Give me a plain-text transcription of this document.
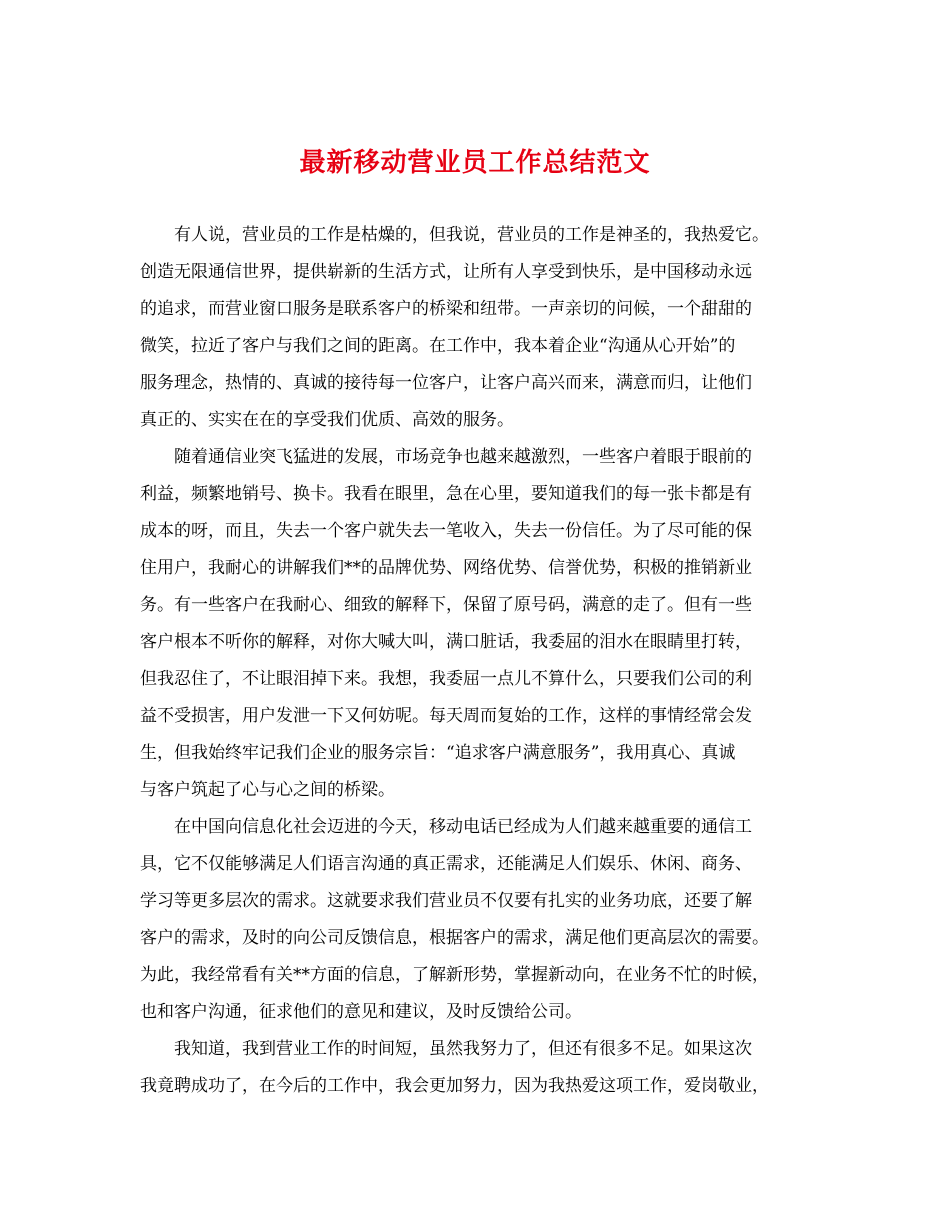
最新移动营业员工作总结范文
有人说，营业员的工作是枯燥的，但我说，营业员的工作是神圣的，我热爱它。
创造无限通信世界，提供崭新的生活方式，让所有人享受到快乐，是中国移动永远
的追求，而营业窗口服务是联系客户的桥梁和纽带。一声亲切的问候，一个甜甜的
微笑，拉近了客户与我们之间的距离。在工作中，我本着企业“沟通从心开始”的
服务理念，热情的、真诚的接待每一位客户，让客户高兴而来，满意而归，让他们
真正的、实实在在的享受我们优质、高效的服务。
随着通信业突飞猛进的发展，市场竞争也越来越激烈，一些客户着眼于眼前的
利益，频繁地销号、换卡。我看在眼里，急在心里，要知道我们的每一张卡都是有
成本的呀，而且，失去一个客户就失去一笔收入，失去一份信任。为了尽可能的保
住用户，我耐心的讲解我们**的品牌优势、网络优势、信誉优势，积极的推销新业
务。有一些客户在我耐心、细致的解释下，保留了原号码，满意的走了。但有一些
客户根本不听你的解释，对你大喊大叫，满口脏话，我委屈的泪水在眼睛里打转，
但我忍住了，不让眼泪掉下来。我想，我委屈一点儿不算什么，只要我们公司的利
益不受损害，用户发泄一下又何妨呢。每天周而复始的工作，这样的事情经常会发
生，但我始终牢记我们企业的服务宗旨：“追求客户满意服务”，我用真心、真诚
与客户筑起了心与心之间的桥梁。
在中国向信息化社会迈进的今天，移动电话已经成为人们越来越重要的通信工
具，它不仅能够满足人们语言沟通的真正需求，还能满足人们娱乐、休闲、商务、
学习等更多层次的需求。这就要求我们营业员不仅要有扎实的业务功底，还要了解
客户的需求，及时的向公司反馈信息，根据客户的需求，满足他们更高层次的需要。
为此，我经常看有关**方面的信息，了解新形势，掌握新动向，在业务不忙的时候，
也和客户沟通，征求他们的意见和建议，及时反馈给公司。
我知道，我到营业工作的时间短，虽然我努力了，但还有很多不足。如果这次
我竟聘成功了，在今后的工作中，我会更加努力，因为我热爱这项工作，爱岗敬业，
